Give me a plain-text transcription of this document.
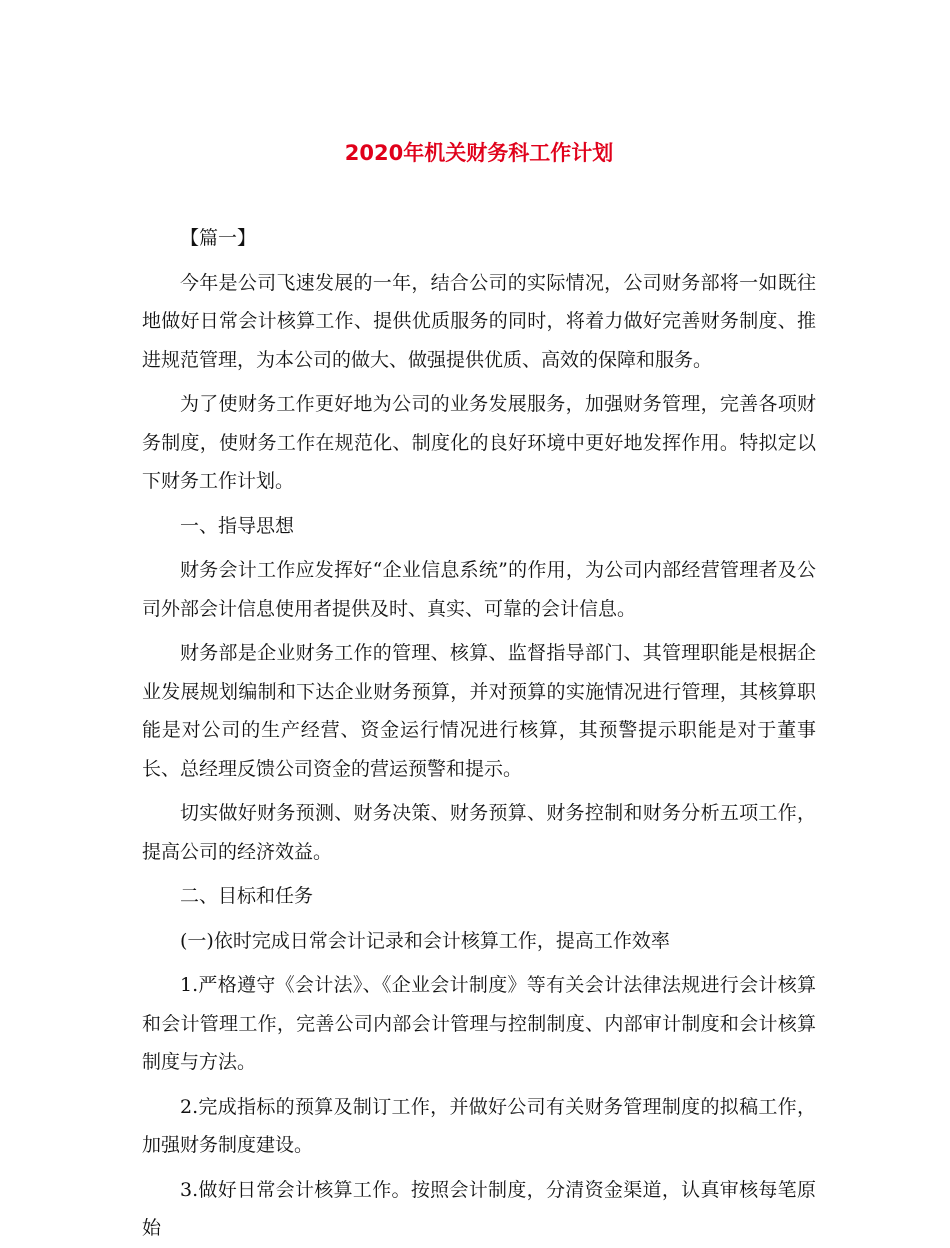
2020年机关财务科工作计划

【篇一】

今年是公司飞速发展的一年，结合公司的实际情况，公司财务部将一如既往地做好日常会计核算工作、提供优质服务的同时，将着力做好完善财务制度、推进规范管理，为本公司的做大、做强提供优质、高效的保障和服务。

为了使财务工作更好地为公司的业务发展服务，加强财务管理，完善各项财务制度，使财务工作在规范化、制度化的良好环境中更好地发挥作用。特拟定以下财务工作计划。

一、指导思想

财务会计工作应发挥好“企业信息系统”的作用，为公司内部经营管理者及公司外部会计信息使用者提供及时、真实、可靠的会计信息。

财务部是企业财务工作的管理、核算、监督指导部门、其管理职能是根据企业发展规划编制和下达企业财务预算，并对预算的实施情况进行管理，其核算职能是对公司的生产经营、资金运行情况进行核算，其预警提示职能是对于董事长、总经理反馈公司资金的营运预警和提示。

切实做好财务预测、财务决策、财务预算、财务控制和财务分析五项工作，提高公司的经济效益。

二、目标和任务

(一)依时完成日常会计记录和会计核算工作，提高工作效率

1.严格遵守《会计法》、《企业会计制度》等有关会计法律法规进行会计核算和会计管理工作，完善公司内部会计管理与控制制度、内部审计制度和会计核算制度与方法。

2.完成指标的预算及制订工作，并做好公司有关财务管理制度的拟稿工作，加强财务制度建设。

3.做好日常会计核算工作。按照会计制度，分清资金渠道，认真审核每笔原始
